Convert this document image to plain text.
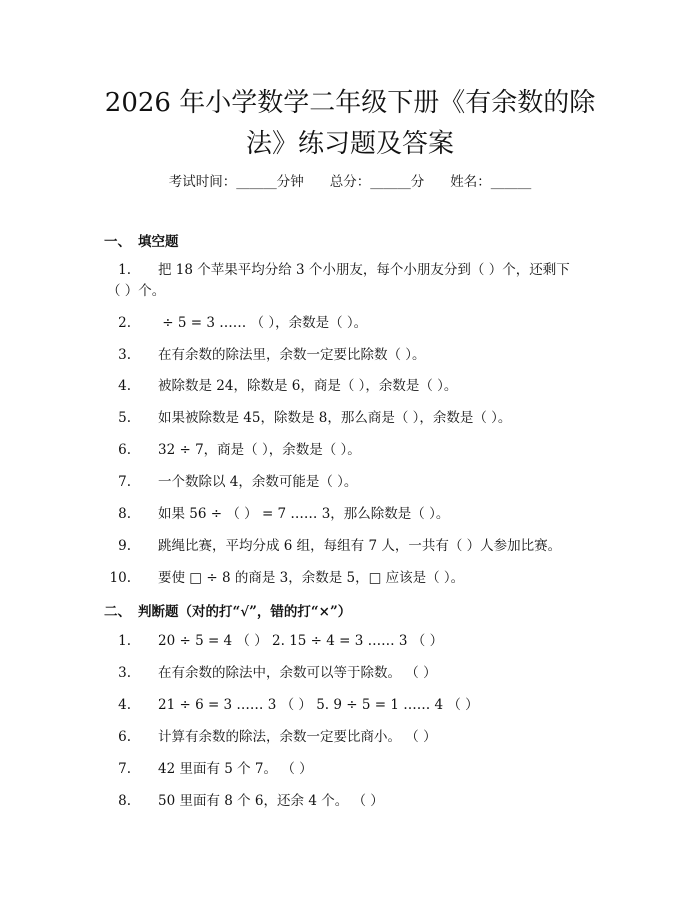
2026 年小学数学二年级下册《有余数的除
法》练习题及答案
考试时间：______分钟 总分：______分 姓名：______
一、 填空题
1. 把 18 个苹果平均分给 3 个小朋友，每个小朋友分到（ ）个，还剩下（ ）个。
2. ÷ 5 = 3 …… （ ），余数是（ ）。
3. 在有余数的除法里，余数一定要比除数（ ）。
4. 被除数是 24，除数是 6，商是（ ），余数是（ ）。
5. 如果被除数是 45，除数是 8，那么商是（ ），余数是（ ）。
6. 32 ÷ 7，商是（ ），余数是（ ）。
7. 一个数除以 4，余数可能是（ ）。
8. 如果 56 ÷ （ ） = 7 …… 3，那么除数是（ ）。
9. 跳绳比赛，平均分成 6 组，每组有 7 人，一共有（ ）人参加比赛。
10. 要使 □ ÷ 8 的商是 3，余数是 5，□ 应该是（ ）。
二、 判断题（对的打“√”，错的打“×”）
1. 20 ÷ 5 = 4 （ ） 2. 15 ÷ 4 = 3 …… 3 （ ）
3. 在有余数的除法中，余数可以等于除数。 （ ）
4. 21 ÷ 6 = 3 …… 3 （ ） 5. 9 ÷ 5 = 1 …… 4 （ ）
6. 计算有余数的除法，余数一定要比商小。 （ ）
7. 42 里面有 5 个 7。 （ ）
8. 50 里面有 8 个 6，还余 4 个。 （ ）
